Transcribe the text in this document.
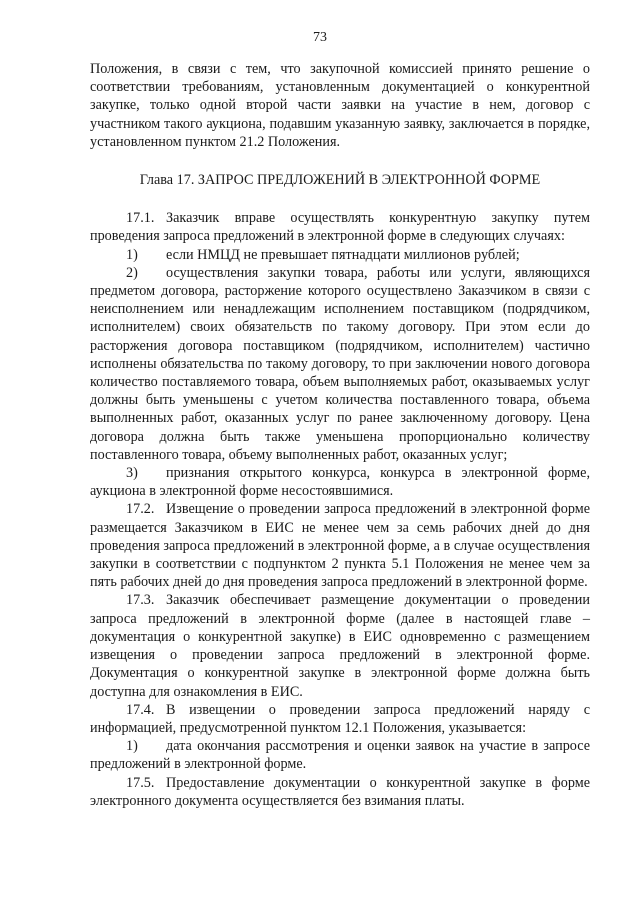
73

Положения, в связи с тем, что закупочной комиссией принято решение о соответствии требованиям, установленным документацией о конкурентной закупке, только одной второй части заявки на участие в нем, договор с участником такого аукциона, подавшим указанную заявку, заключается в порядке, установленном пунктом 21.2 Положения.

Глава 17. ЗАПРОС ПРЕДЛОЖЕНИЙ В ЭЛЕКТРОННОЙ ФОРМЕ

17.1. Заказчик вправе осуществлять конкурентную закупку путем проведения запроса предложений в электронной форме в следующих случаях:

1) если НМЦД не превышает пятнадцати миллионов рублей;

2) осуществления закупки товара, работы или услуги, являющихся предметом договора, расторжение которого осуществлено Заказчиком в связи с неисполнением или ненадлежащим исполнением поставщиком (подрядчиком, исполнителем) своих обязательств по такому договору. При этом если до расторжения договора поставщиком (подрядчиком, исполнителем) частично исполнены обязательства по такому договору, то при заключении нового договора количество поставляемого товара, объем выполняемых работ, оказываемых услуг должны быть уменьшены с учетом количества поставленного товара, объема выполненных работ, оказанных услуг по ранее заключенному договору. Цена договора должна быть также уменьшена пропорционально количеству поставленного товара, объему выполненных работ, оказанных услуг;

3) признания открытого конкурса, конкурса в электронной форме, аукциона в электронной форме несостоявшимися.

17.2. Извещение о проведении запроса предложений в электронной форме размещается Заказчиком в ЕИС не менее чем за семь рабочих дней до дня проведения запроса предложений в электронной форме, а в случае осуществления закупки в соответствии с подпунктом 2 пункта 5.1 Положения не менее чем за пять рабочих дней до дня проведения запроса предложений в электронной форме.

17.3. Заказчик обеспечивает размещение документации о проведении запроса предложений в электронной форме (далее в настоящей главе – документация о конкурентной закупке) в ЕИС одновременно с размещением извещения о проведении запроса предложений в электронной форме. Документация о конкурентной закупке в электронной форме должна быть доступна для ознакомления в ЕИС.

17.4. В извещении о проведении запроса предложений наряду с информацией, предусмотренной пунктом 12.1 Положения, указывается:

1) дата окончания рассмотрения и оценки заявок на участие в запросе предложений в электронной форме.

17.5. Предоставление документации о конкурентной закупке в форме электронного документа осуществляется без взимания платы.
